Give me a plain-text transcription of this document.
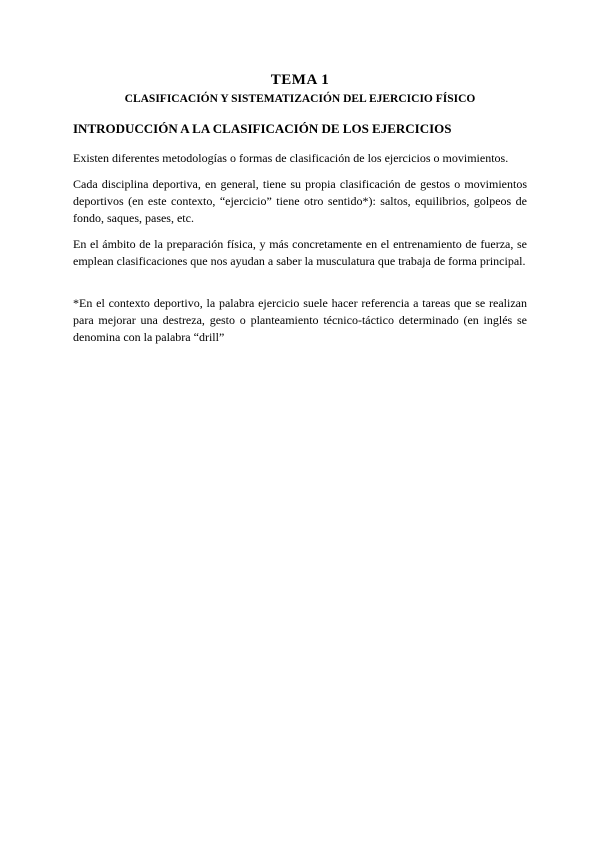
TEMA 1
CLASIFICACIÓN Y SISTEMATIZACIÓN DEL EJERCICIO FÍSICO
INTRODUCCIÓN A LA CLASIFICACIÓN DE LOS EJERCICIOS

Existen diferentes metodologías o formas de clasificación de los ejercicios o movimientos.

Cada disciplina deportiva, en general, tiene su propia clasificación de gestos o movimientos deportivos (en este contexto, “ejercicio” tiene otro sentido*): saltos, equilibrios, golpeos de fondo, saques, pases, etc.

En el ámbito de la preparación física, y más concretamente en el entrenamiento de fuerza, se emplean clasificaciones que nos ayudan a saber la musculatura que trabaja de forma principal.

*En el contexto deportivo, la palabra ejercicio suele hacer referencia a tareas que se realizan para mejorar una destreza, gesto o planteamiento técnico-táctico determinado (en inglés se denomina con la palabra “drill”
